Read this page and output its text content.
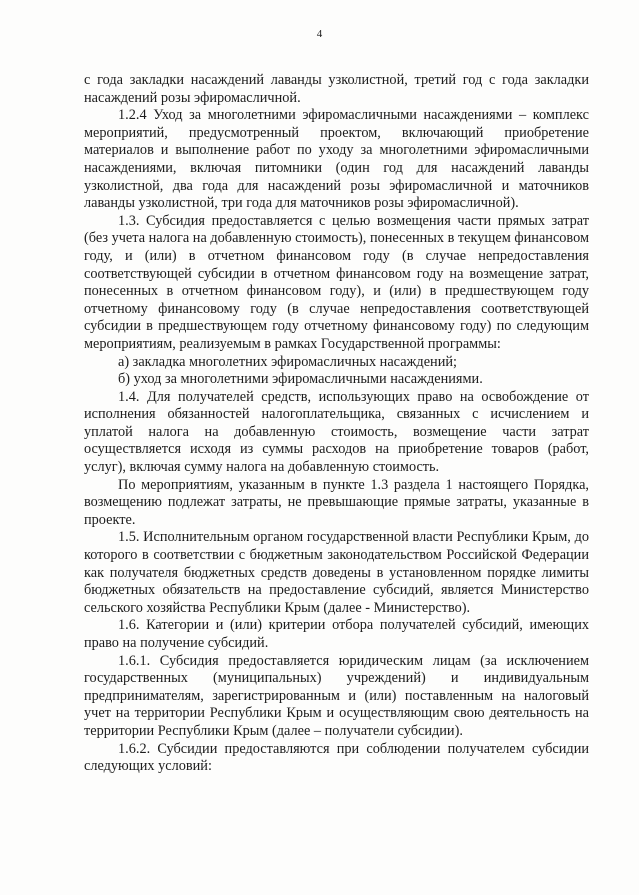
4

с года закладки насаждений лаванды узколистной, третий год с года закладки насаждений розы эфиромасличной.

1.2.4 Уход за многолетними эфиромасличными насаждениями – комплекс мероприятий, предусмотренный проектом, включающий приобретение материалов и выполнение работ по уходу за многолетними эфиромасличными насаждениями, включая питомники (один год для насаждений лаванды узколистной, два года для насаждений розы эфиромасличной и маточников лаванды узколистной, три года для маточников розы эфиромасличной).

1.3. Субсидия предоставляется с целью возмещения части прямых затрат (без учета налога на добавленную стоимость), понесенных в текущем финансовом году, и (или) в отчетном финансовом году (в случае непредоставления соответствующей субсидии в отчетном финансовом году на возмещение затрат, понесенных в отчетном финансовом году), и (или) в предшествующем году отчетному финансовому году (в случае непредоставления соответствующей субсидии в предшествующем году отчетному финансовому году) по следующим мероприятиям, реализуемым в рамках Государственной программы:

а) закладка многолетних эфиромасличных насаждений;

б) уход за многолетними эфиромасличными насаждениями.

1.4. Для получателей средств, использующих право на освобождение от исполнения обязанностей налогоплательщика, связанных с исчислением и уплатой налога на добавленную стоимость, возмещение части затрат осуществляется исходя из суммы расходов на приобретение товаров (работ, услуг), включая сумму налога на добавленную стоимость.

По мероприятиям, указанным в пункте 1.3 раздела 1 настоящего Порядка, возмещению подлежат затраты, не превышающие прямые затраты, указанные в проекте.

1.5. Исполнительным органом государственной власти Республики Крым, до которого в соответствии с бюджетным законодательством Российской Федерации как получателя бюджетных средств доведены в установленном порядке лимиты бюджетных обязательств на предоставление субсидий, является Министерство сельского хозяйства Республики Крым (далее - Министерство).

1.6. Категории и (или) критерии отбора получателей субсидий, имеющих право на получение субсидий.

1.6.1. Субсидия предоставляется юридическим лицам (за исключением государственных (муниципальных) учреждений) и индивидуальным предпринимателям, зарегистрированным и (или) поставленным на налоговый учет на территории Республики Крым и осуществляющим свою деятельность на территории Республики Крым (далее – получатели субсидии).

1.6.2. Субсидии предоставляются при соблюдении получателем субсидии следующих условий:
